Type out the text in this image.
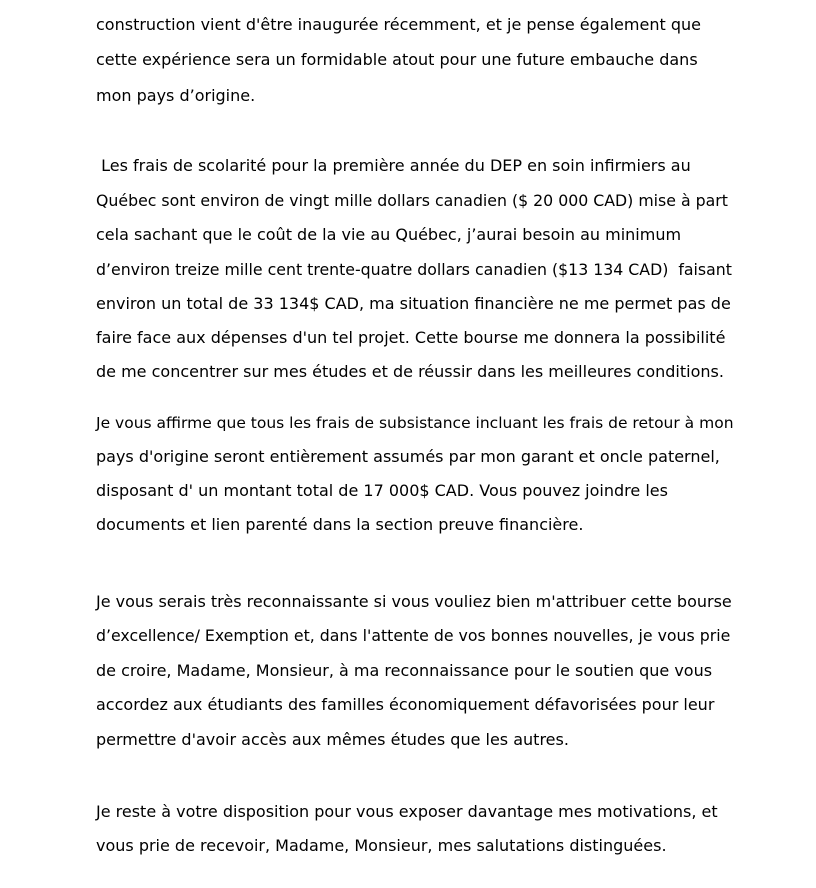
construction vient d'être inaugurée récemment, et je pense également que
cette expérience sera un formidable atout pour une future embauche dans
mon pays d’origine.
Les frais de scolarité pour la première année du DEP en soin infirmiers au
Québec sont environ de vingt mille dollars canadien ($ 20 000 CAD) mise à part
cela sachant que le coût de la vie au Québec, j’aurai besoin au minimum
d’environ treize mille cent trente-quatre dollars canadien ($13 134 CAD)  faisant
environ un total de 33 134$ CAD, ma situation financière ne me permet pas de
faire face aux dépenses d'un tel projet. Cette bourse me donnera la possibilité
de me concentrer sur mes études et de réussir dans les meilleures conditions.
Je vous affirme que tous les frais de subsistance incluant les frais de retour à mon
pays d'origine seront entièrement assumés par mon garant et oncle paternel,
disposant d' un montant total de 17 000$ CAD. Vous pouvez joindre les
documents et lien parenté dans la section preuve financière.
Je vous serais très reconnaissante si vous vouliez bien m'attribuer cette bourse
d’excellence/ Exemption et, dans l'attente de vos bonnes nouvelles, je vous prie
de croire, Madame, Monsieur, à ma reconnaissance pour le soutien que vous
accordez aux étudiants des familles économiquement défavorisées pour leur
permettre d'avoir accès aux mêmes études que les autres.
Je reste à votre disposition pour vous exposer davantage mes motivations, et
vous prie de recevoir, Madame, Monsieur, mes salutations distinguées.
